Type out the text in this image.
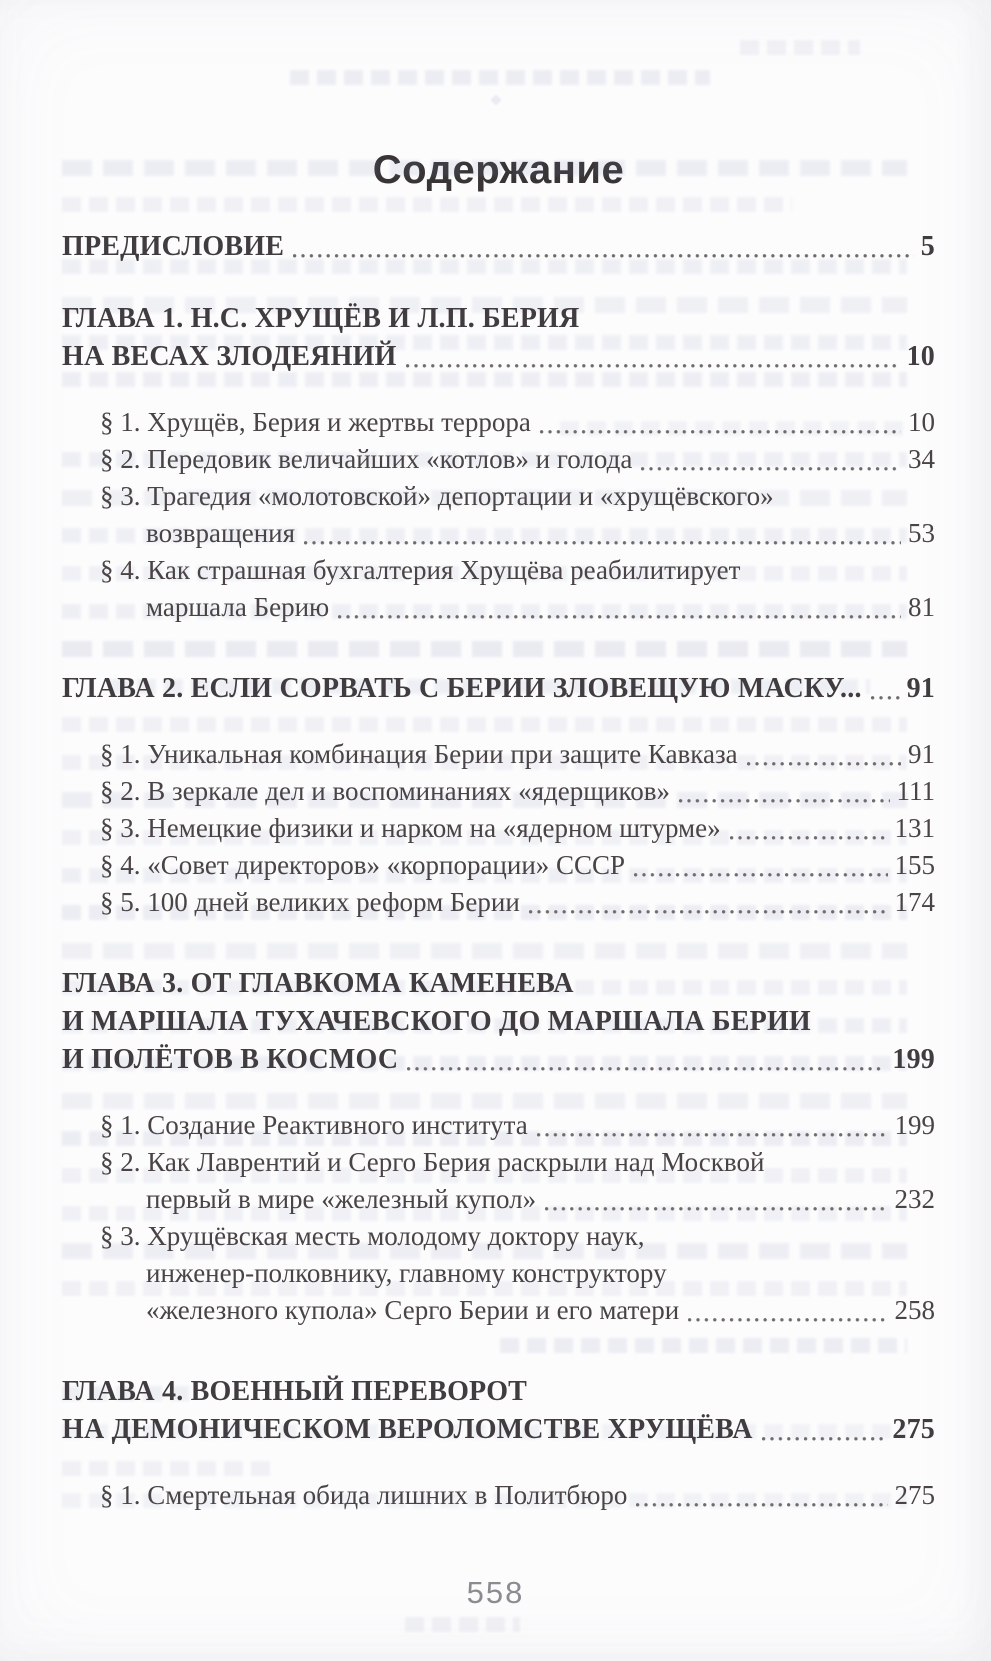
Содержание
ПРЕДИСЛОВИЕ	5
ГЛАВА 1. Н.С. ХРУЩЁВ И Л.П. БЕРИЯ
НА ВЕСАХ ЗЛОДЕЯНИЙ	10
§ 1. Хрущёв, Берия и жертвы террора	10
§ 2. Передовик величайших «котлов» и голода	34
§ 3. Трагедия «молотовской» депортации и «хрущёвского»
возвращения	53
§ 4. Как страшная бухгалтерия Хрущёва реабилитирует
маршала Берию	81
ГЛАВА 2. ЕСЛИ СОРВАТЬ С БЕРИИ ЗЛОВЕЩУЮ МАСКУ... 91
§ 1. Уникальная комбинация Берии при защите Кавказа	91
§ 2. В зеркале дел и воспоминаниях «ядерщиков»	111
§ 3. Немецкие физики и нарком на «ядерном штурме»	131
§ 4. «Совет директоров» «корпорации» СССР	155
§ 5. 100 дней великих реформ Берии	174
ГЛАВА 3. ОТ ГЛАВКОМА КАМЕНЕВА
И МАРШАЛА ТУХАЧЕВСКОГО ДО МАРШАЛА БЕРИИ
И ПОЛЁТОВ В КОСМОС	199
§ 1. Создание Реактивного института	199
§ 2. Как Лаврентий и Серго Берия раскрыли над Москвой
первый в мире «железный купол»	232
§ 3. Хрущёвская месть молодому доктору наук,
инженер-полковнику, главному конструктору
«железного купола» Серго Берии и его матери	258
ГЛАВА 4. ВОЕННЫЙ ПЕРЕВОРОТ
НА ДЕМОНИЧЕСКОМ ВЕРОЛОМСТВЕ ХРУЩЁВА	275
§ 1. Смертельная обида лишних в Политбюро	275
558
